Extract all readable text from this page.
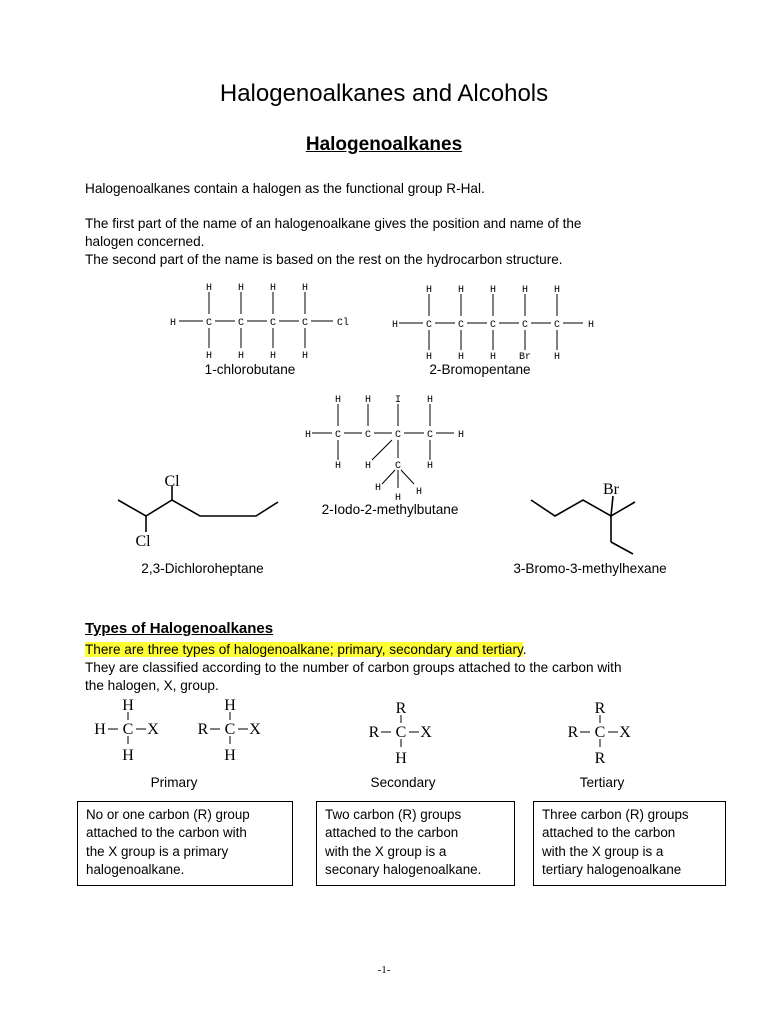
Halogenoalkanes and Alcohols
Halogenoalkanes
Halogenoalkanes contain a halogen as the functional group R-Hal.
The first part of the name of an halogenoalkane gives the position and name of the
halogen concerned.
The second part of the name is based on the rest on the hydrocarbon structure.
H	C	C	C	C	Cl
H	H	H	H
H	H	H	H
1-chlorobutane
H	C	C	C	C	C	H
H	H	H	H	H
H	H	H Br H
2-Bromopentane
H C C C	C H
H H I	H
H H	H
C
H
H
H
2-Iodo-2-methylbutane
Cl
Cl
2,3-Dichloroheptane
Br
3-Bromo-3-methylhexane
Types of Halogenoalkanes
There are three types of halogenoalkane; primary, secondary and tertiary.
They are classified according to the number of carbon groups attached to the carbon with
the halogen, X, group.
H
H C X
H
H
R C X
H
R
R C X
H
R
R C X
R
Primary	Secondary	Tertiary
No or one carbon (R) group
attached to the carbon with
the X group is a primary
halogenoalkane.
Two carbon (R) groups
attached to the carbon
with the X group is a
seconary halogenoalkane.
Three carbon (R) groups
attached to the carbon
with the X group is a
tertiary halogenoalkane
-1-
